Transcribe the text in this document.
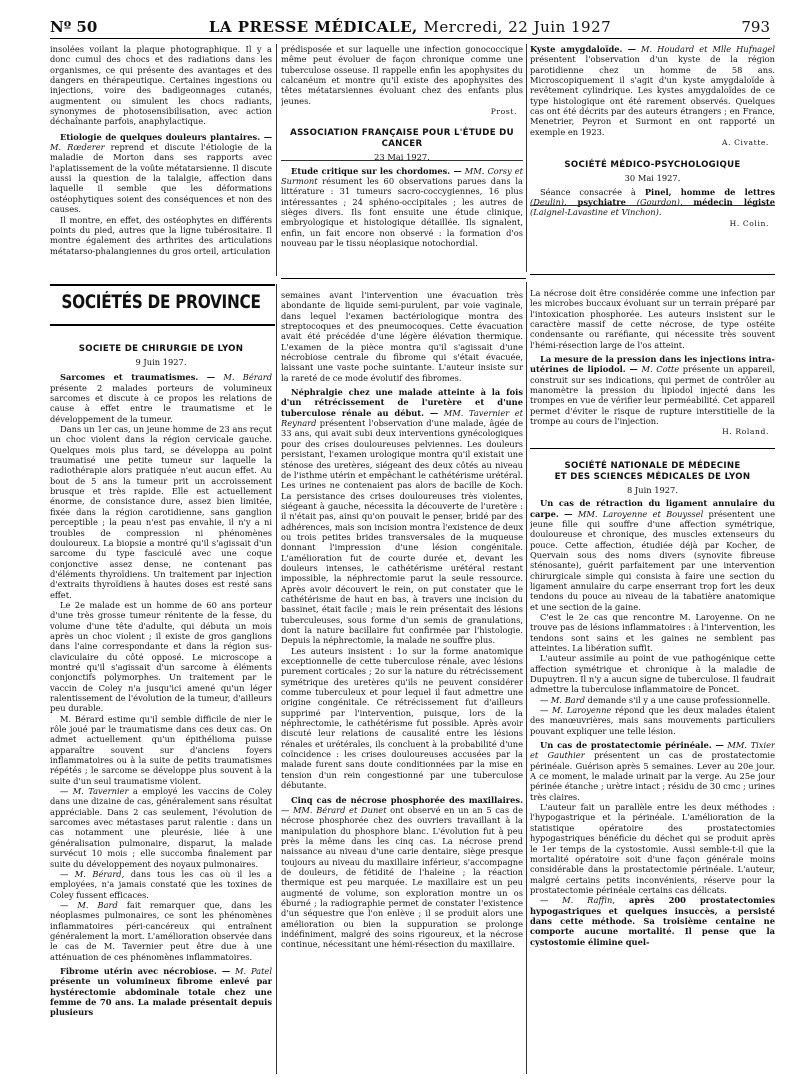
Nº 50	LA PRESSE MÉDICALE, Mercredi, 22 Juin 1927	793

insolées voilant la plaque photographique. Il y a donc cumul des chocs et des radiations dans les organismes, ce qui présente des avantages et des dangers en thérapeutique. Certaines ingestions ou injections, voire des badigeonnages cutanés, augmentent ou simulent les chocs radiants, synonymes de photosensibilisation, avec action déchaînante parfois, anaphylactique.

Etiologie de quelques douleurs plantaires. — M. Rœderer reprend et discute l'étiologie de la maladie de Morton dans ses rapports avec l'aplatissement de la voûte métatarsienne. Il discute aussi la question de la talalgie, affection dans laquelle il semble que les déformations ostéophytiques soient des conséquences et non des causes.

Il montre, en effet, des ostéophytes en différents points du pied, autres que la ligne tubérositaire. Il montre également des arthrites des articulations métatarso-phalangiennes du gros orteil, articulation

prédisposée et sur laquelle une infection gonococcique même peut évoluer de façon chronique comme une tuberculose osseuse. Il rappelle enfin les apophysites du calcanéum et montre qu'il existe des apophysites des têtes métatarsiennes évoluant chez des enfants plus jeunes.

Prost.
ASSOCIATION FRANÇAISE POUR L'ÉTUDE DU CANCER
23 Mai 1927.

Etude critique sur les chordomes. — MM. Corsy et Surmont résument les 60 observations parues dans la littérature : 31 tumeurs sacro-coccygiennes, 16 plus intéressantes ; 24 sphéno-occipitales ; les autres de sièges divers. Ils font ensuite une étude clinique, embryologique et histologique détaillée. Ils signalent, enfin, un fait encore non observé : la formation d'os nouveau par le tissu néoplasique notochordial.

Kyste amygdaloïde. — M. Houdard et Mlle Hufnagel présentent l'observation d'un kyste de la région parotidienne chez un homme de 58 ans. Microscopiquement il s'agit d'un kyste amygdaloïde à revêtement cylindrique. Les kystes amygdaloïdes de ce type histologique ont été rarement observés. Quelques cas ont été décrits par des auteurs étrangers ; en France, Menetrier, Peyron et Surmont en ont rapporté un exemple en 1923.

A. Civatte.
SOCIÉTÉ MÉDICO-PSYCHOLOGIQUE
30 Mai 1927.

Séance consacrée à Pinel, homme de lettres (Deulin), psychiatre (Gourdon), médecin légiste (Laignel-Lavastine et Vinchon).

H. Colin.
SOCIÉTÉS DE PROVINCE
SOCIÉTÉ DE CHIRURGIE DE LYON
9 Juin 1927.

Sarcomes et traumatismes. — M. Bérard présente 2 malades porteurs de volumineux sarcomes et discute à ce propos les relations de cause à effet entre le traumatisme et le développement de la tumeur.

Dans un 1er cas, un jeune homme de 23 ans reçut un choc violent dans la région cervicale gauche. Quelques mois plus tard, se développa au point traumatisé une petite tumeur sur laquelle la radiothérapie alors pratiquée n'eut aucun effet. Au bout de 5 ans la tumeur prit un accroissement brusque et très rapide. Elle est actuellement énorme, de consistance dure, assez bien limitée, fixée dans la région carotidienne, sans ganglion perceptible ; la peau n'est pas envahie, il n'y a ni troubles de compression ni phénomènes douloureux. La biopsie a montré qu'il s'agissait d'un sarcome du type fasciculé avec une coque conjonctive assez dense, ne contenant pas d'éléments thyroïdiens. Un traitement par injection d'extraits thyroïdiens à hautes doses est resté sans effet.

Le 2e malade est un homme de 60 ans porteur d'une très grosse tumeur rénitente de la fesse, du volume d'une tête d'adulte, qui débuta un mois après un choc violent ; il existe de gros ganglions dans l'aine correspondante et dans la région sus-claviculaire du côté opposé. Le microscope a montré qu'il s'agissait d'un sarcome à éléments conjonctifs polymorphes. Un traitement par le vaccin de Coley n'a jusqu'ici amené qu'un léger ralentissement de l'évolution de la tumeur, d'ailleurs peu durable.

M. Bérard estime qu'il semble difficile de nier le rôle joué par le traumatisme dans ces deux cas. On admet actuellement qu'un épithélioma puisse apparaître souvent sur d'anciens foyers inflammatoires ou à la suite de petits traumatismes répétés ; le sarcome se développe plus souvent à la suite d'un seul traumatisme violent.

— M. Tavernier a employé les vaccins de Coley dans une dizaine de cas, généralement sans résultat appréciable. Dans 2 cas seulement, l'évolution de sarcomes avec métastases parut ralentie : dans un cas notamment une pleurésie, liée à une généralisation pulmonaire, disparut, la malade survécut 10 mois ; elle succomba finalement par suite du développement des noyaux pulmonaires.

— M. Bérard, dans tous les cas où il les a employées, n'a jamais constaté que les toxines de Coley fussent efficaces.

— M. Bard fait remarquer que, dans les néoplasmes pulmonaires, ce sont les phénomènes inflammatoires péri-cancéreux qui entraînent généralement la mort. L'amélioration observée dans le cas de M. Tavernier peut être due à une atténuation de ces phénomènes inflammatoires.

Fibrome utérin avec nécrobiose. — M. Patel présente un volumineux fibrome enlevé par hystérectomie abdominale totale chez une femme de 70 ans. La malade présentait depuis plusieurs

semaines avant l'intervention une évacuation très abondante de liquide semi-purulent, par voie vaginale, dans lequel l'examen bactériologique montra des streptocoques et des pneumocoques. Cette évacuation avait été précédée d'une légère élévation thermique. L'examen de la pièce montra qu'il s'agissait d'une nécrobiose centrale du fibrome qui s'était évacuée, laissant une vaste poche suintante. L'auteur insiste sur la rareté de ce mode évolutif des fibromes.

Néphralgie chez une malade atteinte à la fois d'un rétrécissement de l'uretère et d'une tuberculose rénale au début. — MM. Tavernier et Reynard présentent l'observation d'une malade, âgée de 33 ans, qui avait subi deux interventions gynécologiques pour des crises douloureuses pelviennes. Les douleurs persistant, l'examen urologique montra qu'il existait une sténose des uretères, siégeant des deux côtés au niveau de l'isthme utérin et empêchant le cathétérisme urétéral. Les urines ne contenaient pas alors de bacille de Koch. La persistance des crises douloureuses très violentes, siégeant à gauche, nécessita la découverte de l'uretère : il n'était pas, ainsi qu'on pouvait le penser, bridé par des adhérences, mais son incision montra l'existence de deux ou trois petites brides transversales de la muqueuse donnant l'impression d'une lésion congénitale. L'amélioration fut de courte durée et, devant les douleurs intenses, le cathétérisme urétéral restant impossible, la néphrectomie parut la seule ressource. Après avoir découvert le rein, on put constater que le cathétérisme de haut en bas, à travers une incision du bassinet, était facile ; mais le rein présentait des lésions tuberculeuses, sous forme d'un semis de granulations, dont la nature bacillaire fut confirmée par l'histologie. Depuis la néphrectomie, la malade ne souffre plus.

Les auteurs insistent : 1o sur la forme anatomique exceptionnelle de cette tuberculose rénale, avec lésions purement corticales ; 2o sur la nature du rétrécissement symétrique des uretères qu'ils ne peuvent considérer comme tuberculeux et pour lequel il faut admettre une origine congénitale. Ce rétrécissement fut d'ailleurs supprimé par l'intervention, puisque, lors de la néphrectomie, le cathétérisme fut possible. Après avoir discuté leur relations de causalité entre les lésions rénales et urétérales, ils concluent à la probabilité d'une coïncidence : les crises douloureuses accusées par la malade furent sans doute conditionnées par la mise en tension d'un rein congestionné par une tuberculose débutante.

Cinq cas de nécrose phosphorée des maxillaires. — MM. Bérard et Dunet ont observé en un an 5 cas de nécrose phosphorée chez des ouvriers travaillant à la manipulation du phosphore blanc. L'évolution fut à peu près la même dans les cinq cas. La nécrose prend naissance au niveau d'une carie dentaire, siège presque toujours au niveau du maxillaire inférieur, s'accompagne de douleurs, de fétidité de l'haleine ; la réaction thermique est peu marquée. Le maxillaire est un peu augmenté de volume, son exploration montre un os éburné ; la radiographie permet de constater l'existence d'un séquestre que l'on enlève ; il se produit alors une amélioration ou bien la suppuration se prolonge indéfiniment, malgré des soins rigoureux, et la nécrose continue, nécessitant une hémi-résection du maxillaire.

La nécrose doit être considérée comme une infection par les microbes buccaux évoluant sur un terrain préparé par l'intoxication phosphorée. Les auteurs insistent sur le caractère massif de cette nécrose, de type ostéite condensante ou raréfiante, qui nécessite très souvent l'hémi-résection large de l'os atteint.

La mesure de la pression dans les injections intra-utérines de lipiodol. — M. Cotte présente un appareil, construit sur ses indications, qui permet de contrôler au manomètre la pression du lipiodol injecté dans les trompes en vue de vérifier leur perméabilité. Cet appareil permet d'éviter le risque de rupture interstitielle de la trompe au cours de l'injection.

H. Roland.
SOCIÉTÉ NATIONALE DE MÉDECINE
ET DES SCIENCES MÉDICALES DE LYON
8 Juin 1927.

Un cas de rétraction du ligament annulaire du carpe. — MM. Laroyenne et Bouyssel présentent une jeune fille qui souffre d'une affection symétrique, douloureuse et chronique, des muscles extenseurs du pouce. Cette affection, étudiée déjà par Kocher, de Quervain sous des noms divers (synovite fibreuse sténosante), guérit parfaitement par une intervention chirurgicale simple qui consista à faire une section du ligament annulaire du carpe enserrant trop fort les deux tendons du pouce au niveau de la tabatière anatomique et une section de la gaine.

C'est le 2e cas que rencontre M. Laroyenne. On ne trouve pas de lésions inflammatoires : à l'intervention, les tendons sont sains et les gaines ne semblent pas atteintes. La libération suffit.

L'auteur assimile au point de vue pathogénique cette affection symétrique et chronique à la maladie de Dupuytren. Il n'y a aucun signe de tuberculose. Il faudrait admettre la tuberculose inflammatoire de Poncet.

— M. Bard demande s'il y a une cause professionnelle.

— M. Laroyenne répond que les deux malades étaient des manœuvrières, mais sans mouvements particuliers pouvant expliquer une telle lésion.

Un cas de prostatectomie périnéale. — MM. Tixier et Gauthier présentent un cas de prostatectomie périnéale. Guérison après 5 semaines. Lever au 20e jour. A ce moment, le malade urinait par la verge. Au 25e jour périnée étanche ; urètre intact ; résidu de 30 cmc ; urines très claires.

L'auteur fait un parallèle entre les deux méthodes : l'hypogastrique et la périnéale. L'amélioration de la statistique opératoire des prostatectomies hypogastriques bénéficie du déchet qui se produit après le 1er temps de la cystostomie. Aussi semble-t-il que la mortalité opératoire soit d'une façon générale moins considérable dans la prostatectomie périnéale. L'auteur, malgré certains petits inconvénients, réserve pour la prostatectomie périnéale certains cas délicats.

— M. Raffin, après 200 prostatectomies hypogastriques et quelques insuccès, a persisté dans cette méthode. Sa troisième centaine ne comporte aucune mortalité. Il pense que la cystostomie élimine quel-
